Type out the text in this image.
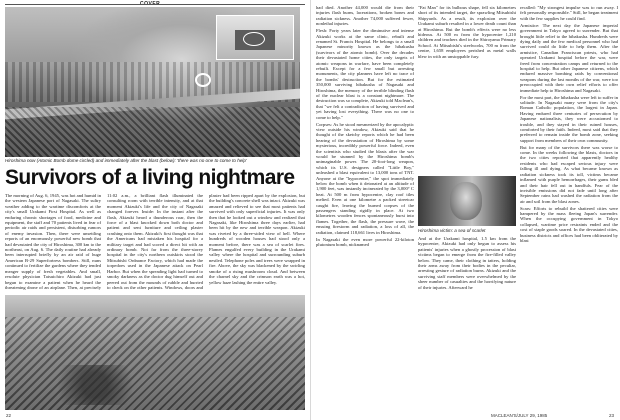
COVER
Hiroshima now (Atomic Bomb dome circled) and immediately after the blast (below): 'there was no one to come to help'
Survivors of a living nightmare
The morning of Aug. 6, 1945, was hot and humid in the western Japanese port of Nagasaki. The sultry weather adding to the wartime discomforts at the city's small Urakami First Hospital. As well as enduring chronic shortages of food, medicine and equipment, the staff and 70 patients lived in fear of periodic air raids and persistent, disturbing rumors of enemy invasion. Then, there were unsettling reports of an enormously powerful new bomb that had devastated the city of Hiroshima, 300 km to the northeast, on Aug. 6. The daily routine had already been interrupted briefly by an air raid of huge American B-29 Superfortress bombers. Still, nuns continued to fertilize the gardens where they tended meager supply of fresh vegetables. And small, resolute physician Tatsuichiro Akizuki had just begun to examine a patient when he heard the threatening drone of an airplane. Then, at precisely 11:02 a.m., a brilliant flash illuminated the consulting room with terrible intensity, and at that moment Akizuki's life and the city of Nagasaki changed forever. Inside: In the instant after the flash, Akizuki heard a thunderous roar, then the force of a blast knocked down both doctor and patient and sent furniture and ceiling plaster crashing onto them. Akizuki's first thought was that the Americans had mistaken his hospital for a military target and had scored a direct hit with an ordinary bomb. Not far from the three-storey hospital in the city's northern outskirts stood the Mitsubishi Ordnance Factory, which had made the torpedoes used in the Japanese attack on Pearl Harbor. But when the spreading light had turned to smoky darkness as the doctor dug himself out and peered out from the mounds of rubble and hurried to check on the other patients. Windows, doors and plaster had been ripped apart by the explosion, but the building's concrete shell was intact. Akizuki was amazed and relieved to see that most patients had survived with only superficial injuries. It was only then that he looked out a window and realized that Nagasaki, like Hiroshima three days earlier, had been hit by the new and terrible weapon. Akizuki was riveted by a three-sided view of hell. Where hundreds of wooden houses had stood only a moment before, there was a sea of scarlet fires. Flames engulfed every building in the Urakami valley where the hospital and surrounding suburb nestled. Telephone poles and trees were wrapped in fire. Above, the sky was blackened by the swirling smoke of a rising mushroom cloud. And between the charnel sky and the crimson earth was a hot, yellow haze lashing the entire valley.
22

had died. Another 44,000 would die from their injuries flash burns, lacerations, broken bones and radiation sickness. Another 74,000 suffered fewer, nonlethal injuries.

Flesh: Forty years later the diminutive and intense Akizuki works at the same clinic, rebuilt and renamed St. Francis Hospital. He belongs to a small Japanese minority known as the hibakusha (survivors of the atomic bomb). Over the decades their devastated home cities, the only targets of atomic weapons in warfare, have been completely rebuilt. Except for a few small but arresting monuments, the city planners have left no trace of the bombs' destruction. But for the estimated 350,000 surviving hibakusha of Nagasaki and Hiroshima, the memory of the terrible blinding flash of the nuclear blast is a constant nightmare. The destruction was so complete, Akizuki told Maclean's, that "we felt a contradiction of having survived and yet having lost everything. There was no one to come to help."

Corpses: As he stood mesmerized by the apocalyptic view outside his window, Akizuki said that he thought of the sketchy reports which he had been hearing of the devastation of Hiroshima by some mysterious, incredibly powerful force. Indeed, even the scientists who studied the blasts after the war would be stunned by the Hiroshima bomb's unimaginable power. The 20-foot-long weapon, which its U.S. designers called "Little Boy," unleashed a blast equivalent to 13,000 tons of TNT. Anyone at the "hypocentre," the spot immediately below the bomb when it detonated at an altitude of 1,900 feet, was instantly incinerated by the 3,000° C heat. At 500 m from hypocentre, clay roof tiles melted. Even at one kilometre a packed streetcar caught fire, leaving the burned corpses of the passengers standing rigidly in place. At two kilometres wooden fences spontaneously burst into flames. Together, the flash, the pressure wave, the ensuing firestorm and radiation, a loss of all, the radiation, claimed 118,661 lives in Hiroshima.

In Nagasaki the even more powerful 22-kiloton plutonium bomb, nicknamed

"Fat Man" for its bulbous shape, fell six kilometres short of its intended target, the sprawling Mitsubishi Shipyards. As a result, its explosion over the Urakami suburb resulted in a lower death count than at Hiroshima. But the bomb's effects were no less hideous. At 500 m from the hypocentre 1,210 children and teachers died in the Shiroyama Primary School. At Mitsubishi's steelworks, 700 m from the centre, 1,658 employees perished as metal walls blew in with an unstoppable fury.

Hiroshima victim: a sea of scarlet

And at the Urakami hospital, 1.5 km from the hypocentre, Akizuki had only begun to assess his patients' injuries when a ghostly procession of blast victims began to emerge from the fire-filled valley below. They came, their clothing in tatters, holding their arms away from their bodies in the peculiar, arresting gesture of radiation burns. Akizuki and the surviving staff members were overwhelmed by the sheer number of casualties and the horrifying nature of their injuries. Afterward he

recalled: "My strongest impulse was to run away. I felt personally responsible." Still, he began treatment with the few supplies he could find.

Armistice: The next day the Japanese imperial government in Tokyo agreed to surrender. But that brought little relief to the hibakusha. Hundreds were dying daily and the few medical personnel who had survived could do little to help them. After the armistice, Canadian Franciscan priests, who had operated Urakami hospital before the war, were freed from concentration camps and returned to the hospital to help. But other Japanese citizens, which endured massive bombing raids by conventional weapons during the last months of the war, were too preoccupied with their own relief efforts to offer immediate help to Hiroshima and Nagasaki.

For the most part, the hibakusha were left to suffer in solitude. In Nagasaki many were from the city's Roman Catholic population, the largest in Japan. Having endured three centuries of persecution by Japanese nationalists, they were accustomed to trouble, and they stayed in their ruined houses, comforted by their faith. Indeed, most said that they preferred to remain inside the bomb zone, seeking support from members of their own community.

But for many of the survivors there was worse to come. In the weeks following the blasts, doctors in the two cities reported that apparently healthy residents who had escaped serious injury were falling ill and dying. As what became known as radiation sickness took its toll, victims became inflamed with purple hemorrhages, their gums bled and their hair fell out in handfuls. Fear of the invisible emissions did not fade until long after September rains had washed the radiation from the air and soil from the blast zones.

Scars: Efforts to rebuild the shattered cities were hampered by the mass fleeing Japan's surrender. When the occupying government in Tokyo collapsed, wartime price restraints ended and the cost of staple goods soared. In the devastated cities, business districts and offices had been obliterated by blast

MACLEAN'S/JULY 29, 1985	23
